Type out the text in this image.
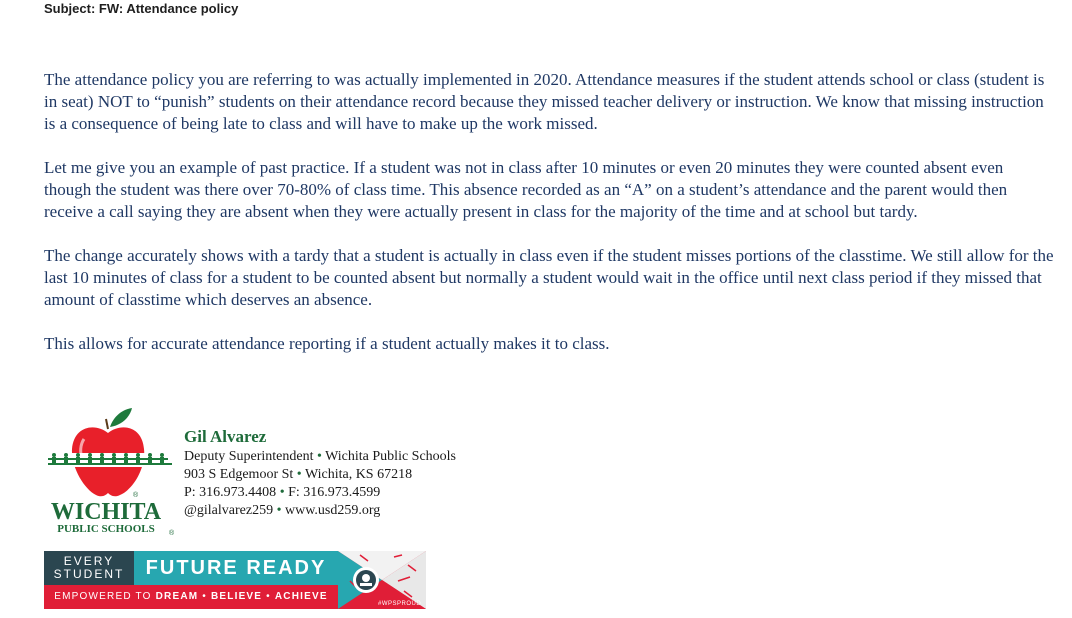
Subject: FW: Attendance policy

The attendance policy you are referring to was actually implemented in 2020. Attendance measures if the student attends school or class (student is in seat) NOT to “punish” students on their attendance record because they missed teacher delivery or instruction. We know that missing instruction is a consequence of being late to class and will have to make up the work missed.

Let me give you an example of past practice. If a student was not in class after 10 minutes or even 20 minutes they were counted absent even though the student was there over 70-80% of class time. This absence recorded as an “A” on a student’s attendance and the parent would then receive a call saying they are absent when they were actually present in class for the majority of the time and at school but tardy.

The change accurately shows with a tardy that a student is actually in class even if the student misses portions of the classtime. We still allow for the last 10 minutes of class for a student to be counted absent but normally a student would wait in the office until next class period if they missed that amount of classtime which deserves an absence.

This allows for accurate attendance reporting if a student actually makes it to class.

WICHITA
®
PUBLIC SCHOOLS ®
Gil Alvarez
Deputy Superintendent • Wichita Public Schools
903 S Edgemoor St • Wichita, KS 67218
P: 316.973.4408 • F: 316.973.4599
@gilalvarez259 • www.usd259.org
EVERY
STUDENT	FUTURE READY
EMPOWERED TO DREAM • BELIEVE • ACHIEVE
#WPSPROUD
